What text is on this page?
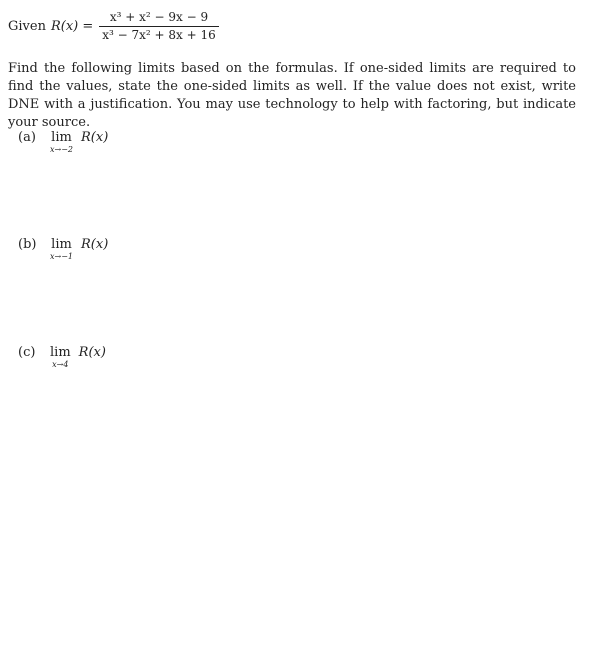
Given $R(x) = \frac{\text{x³ + x² − 9x − 9}}{\text{x³ − 7x² + 8x + 16}}$
Find the following limits based on the formulas. If one-sided limits are required to find the values, state the one-sided limits as well. If the value does not exist, write DNE with a justification. You may use technology to help with factoring, but indicate your source.
(a)	lim
x→−2
R(x)
(b)	lim
x→−1
R(x)
(c)	lim
x→4
R(x)
